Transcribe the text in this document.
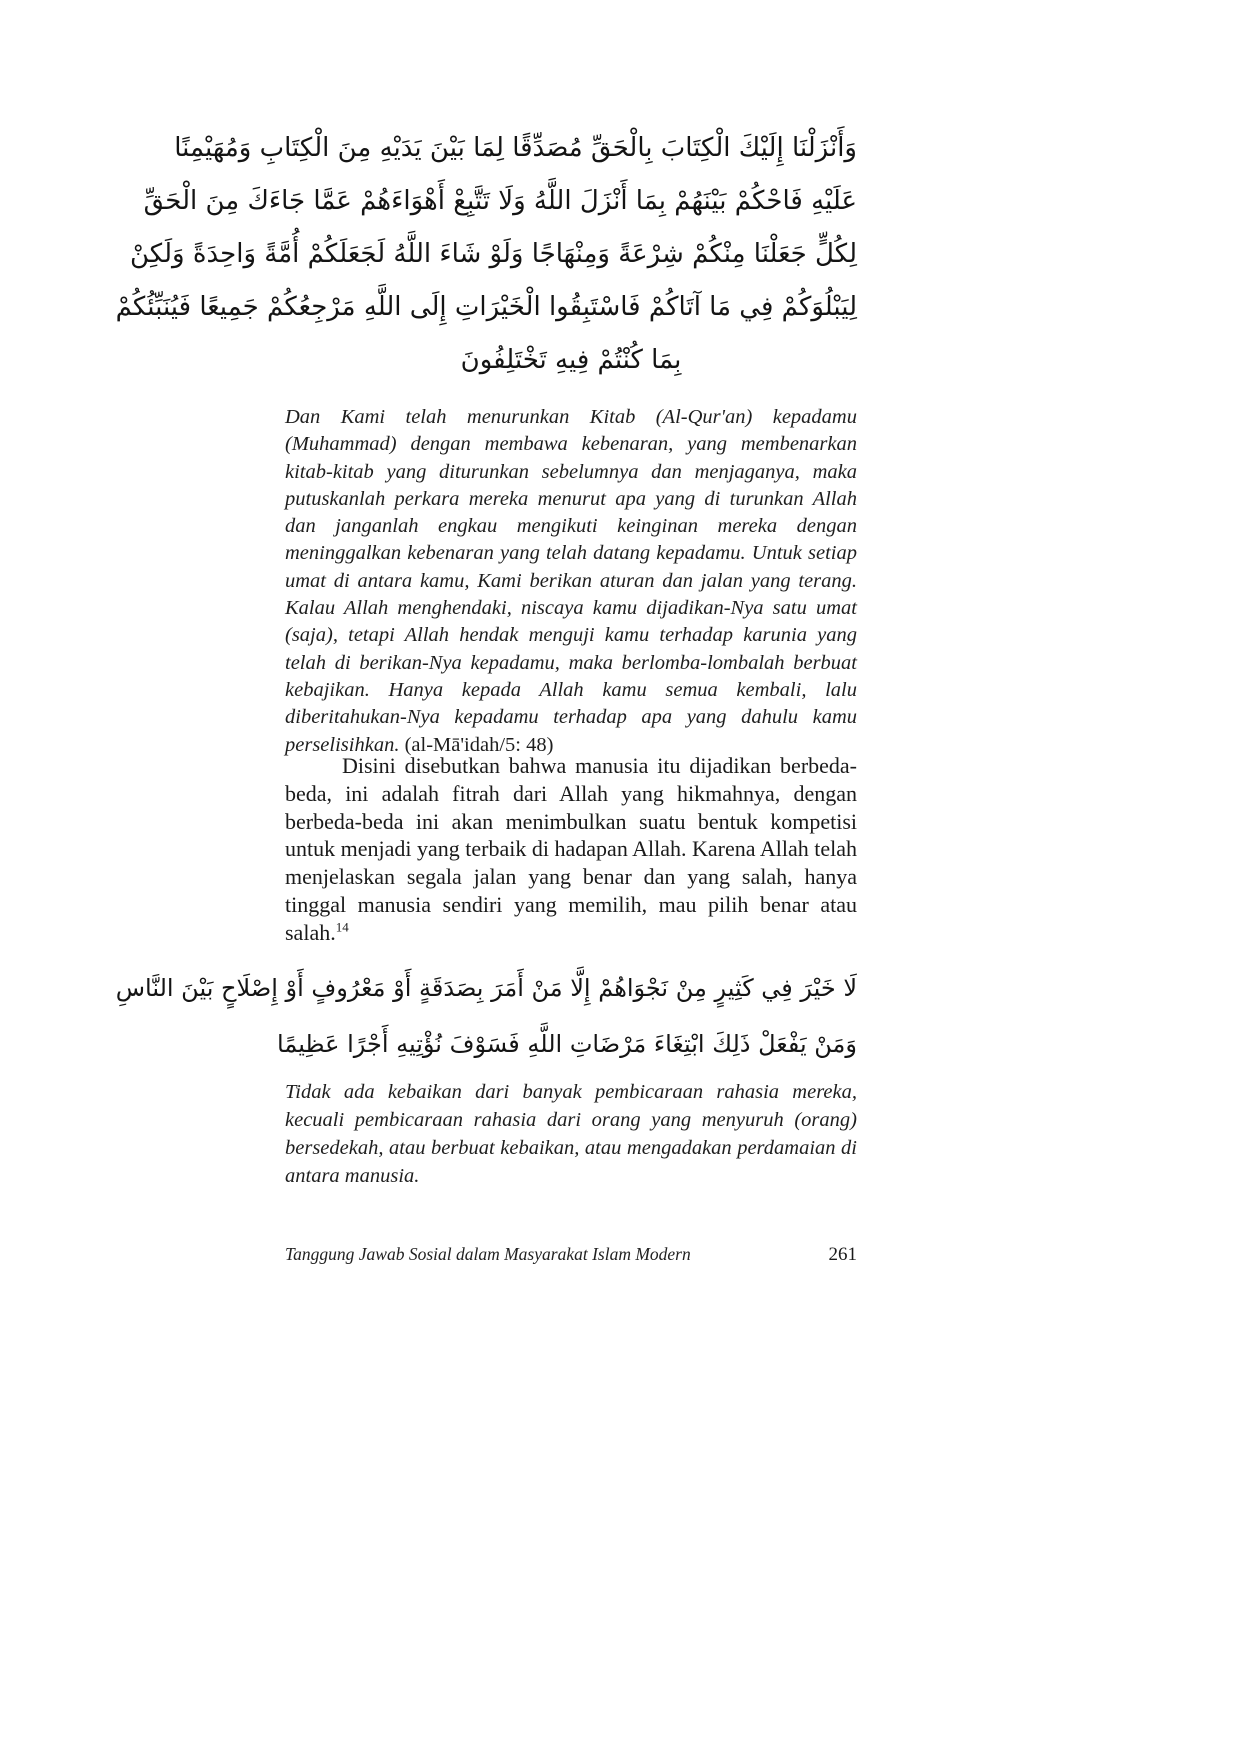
وَأَنْزَلْنَا إِلَيْكَ الْكِتَابَ بِالْحَقِّ مُصَدِّقًا لِمَا بَيْنَ يَدَيْهِ مِنَ الْكِتَابِ وَمُهَيْمِنًا
عَلَيْهِ فَاحْكُمْ بَيْنَهُمْ بِمَا أَنْزَلَ اللَّهُ وَلَا تَتَّبِعْ أَهْوَاءَهُمْ عَمَّا جَاءَكَ مِنَ الْحَقِّ
لِكُلٍّ جَعَلْنَا مِنْكُمْ شِرْعَةً وَمِنْهَاجًا وَلَوْ شَاءَ اللَّهُ لَجَعَلَكُمْ أُمَّةً وَاحِدَةً وَلَكِنْ
لِيَبْلُوَكُمْ فِي مَا آتَاكُمْ فَاسْتَبِقُوا الْخَيْرَاتِ إِلَى اللَّهِ مَرْجِعُكُمْ جَمِيعًا فَيُنَبِّئُكُمْ
بِمَا كُنْتُمْ فِيهِ تَخْتَلِفُونَ
Dan Kami telah menurunkan Kitab (Al-Qur'an) kepadamu (Muhammad) dengan membawa kebenaran, yang membenarkan kitab-kitab yang diturunkan sebelumnya dan menjaganya, maka putuskanlah perkara mereka menurut apa yang di turunkan Allah dan janganlah engkau mengikuti keinginan mereka dengan meninggalkan kebenaran yang telah datang kepadamu. Untuk setiap umat di antara kamu, Kami berikan aturan dan jalan yang terang. Kalau Allah menghendaki, niscaya kamu dijadikan-Nya satu umat (saja), tetapi Allah hendak menguji kamu terhadap karunia yang telah di berikan-Nya kepadamu, maka berlomba-lombalah berbuat kebajikan. Hanya kepada Allah kamu semua kembali, lalu diberitahukan-Nya kepadamu terhadap apa yang dahulu kamu perselisihkan. (al-Mā'idah/5: 48)
Disini disebutkan bahwa manusia itu dijadikan berbeda-beda, ini adalah fitrah dari Allah yang hikmahnya, dengan berbeda-beda ini akan menimbulkan suatu bentuk kompetisi untuk menjadi yang terbaik di hadapan Allah. Karena Allah telah menjelaskan segala jalan yang benar dan yang salah, hanya tinggal manusia sendiri yang memilih, mau pilih benar atau salah.$^{14}$
لَا خَيْرَ فِي كَثِيرٍ مِنْ نَجْوَاهُمْ إِلَّا مَنْ أَمَرَ بِصَدَقَةٍ أَوْ مَعْرُوفٍ أَوْ إِصْلَاحٍ بَيْنَ النَّاسِ
وَمَنْ يَفْعَلْ ذَلِكَ ابْتِغَاءَ مَرْضَاتِ اللَّهِ فَسَوْفَ نُؤْتِيهِ أَجْرًا عَظِيمًا
Tidak ada kebaikan dari banyak pembicaraan rahasia mereka, kecuali pembicaraan rahasia dari orang yang menyuruh (orang) bersedekah, atau berbuat kebaikan, atau mengadakan perdamaian di antara manusia.
Tanggung Jawab Sosial dalam Masyarakat Islam Modern	261
